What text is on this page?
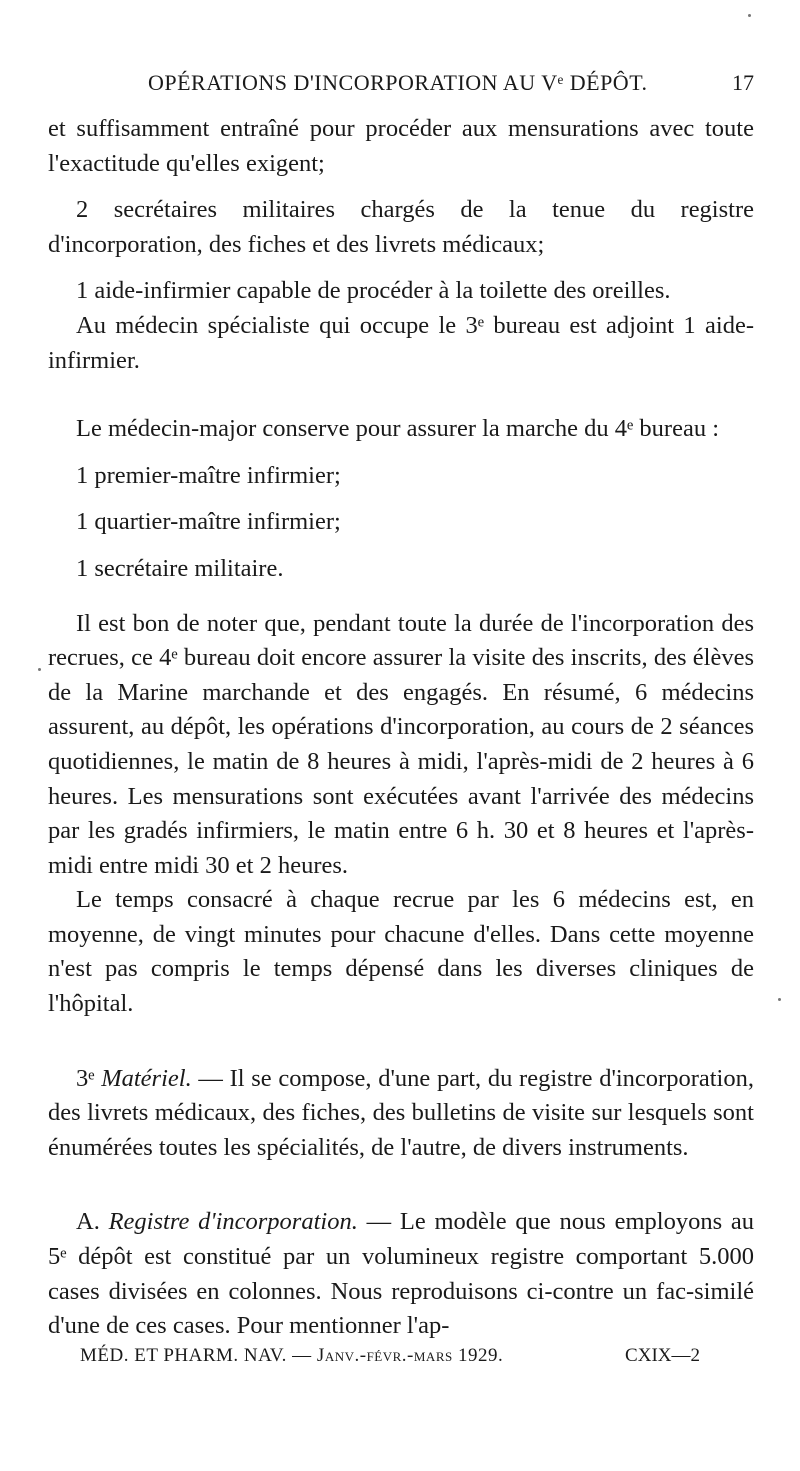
OPÉRATIONS D'INCORPORATION AU Vᵉ DÉPÔT.	17

et suffisamment entraîné pour procéder aux mensurations avec toute l'exactitude qu'elles exigent;

2 secrétaires militaires chargés de la tenue du registre d'incorporation, des fiches et des livrets médicaux;

1 aide-infirmier capable de procéder à la toilette des oreilles.

Au médecin spécialiste qui occupe le 3ᵉ bureau est adjoint 1 aide-infirmier.

Le médecin-major conserve pour assurer la marche du 4ᵉ bureau :

1 premier-maître infirmier;

1 quartier-maître infirmier;

1 secrétaire militaire.

Il est bon de noter que, pendant toute la durée de l'incorporation des recrues, ce 4ᵉ bureau doit encore assurer la visite des inscrits, des élèves de la Marine marchande et des engagés. En résumé, 6 médecins assurent, au dépôt, les opérations d'incorporation, au cours de 2 séances quotidiennes, le matin de 8 heures à midi, l'après-midi de 2 heures à 6 heures. Les mensurations sont exécutées avant l'arrivée des médecins par les gradés infirmiers, le matin entre 6 h. 30 et 8 heures et l'après-midi entre midi 30 et 2 heures.

Le temps consacré à chaque recrue par les 6 médecins est, en moyenne, de vingt minutes pour chacune d'elles. Dans cette moyenne n'est pas compris le temps dépensé dans les diverses cliniques de l'hôpital.

3ᵉ Matériel. — Il se compose, d'une part, du registre d'incorporation, des livrets médicaux, des fiches, des bulletins de visite sur lesquels sont énumérées toutes les spécialités, de l'autre, de divers instruments.

A. Registre d'incorporation. — Le modèle que nous employons au 5ᵉ dépôt est constitué par un volumineux registre comportant 5.000 cases divisées en colonnes. Nous reproduisons ci-contre un fac-similé d'une de ces cases. Pour mentionner l'ap-

MÉD. ET PHARM. NAV. — Janv.-févr.-mars 1929.	CXIX—2
